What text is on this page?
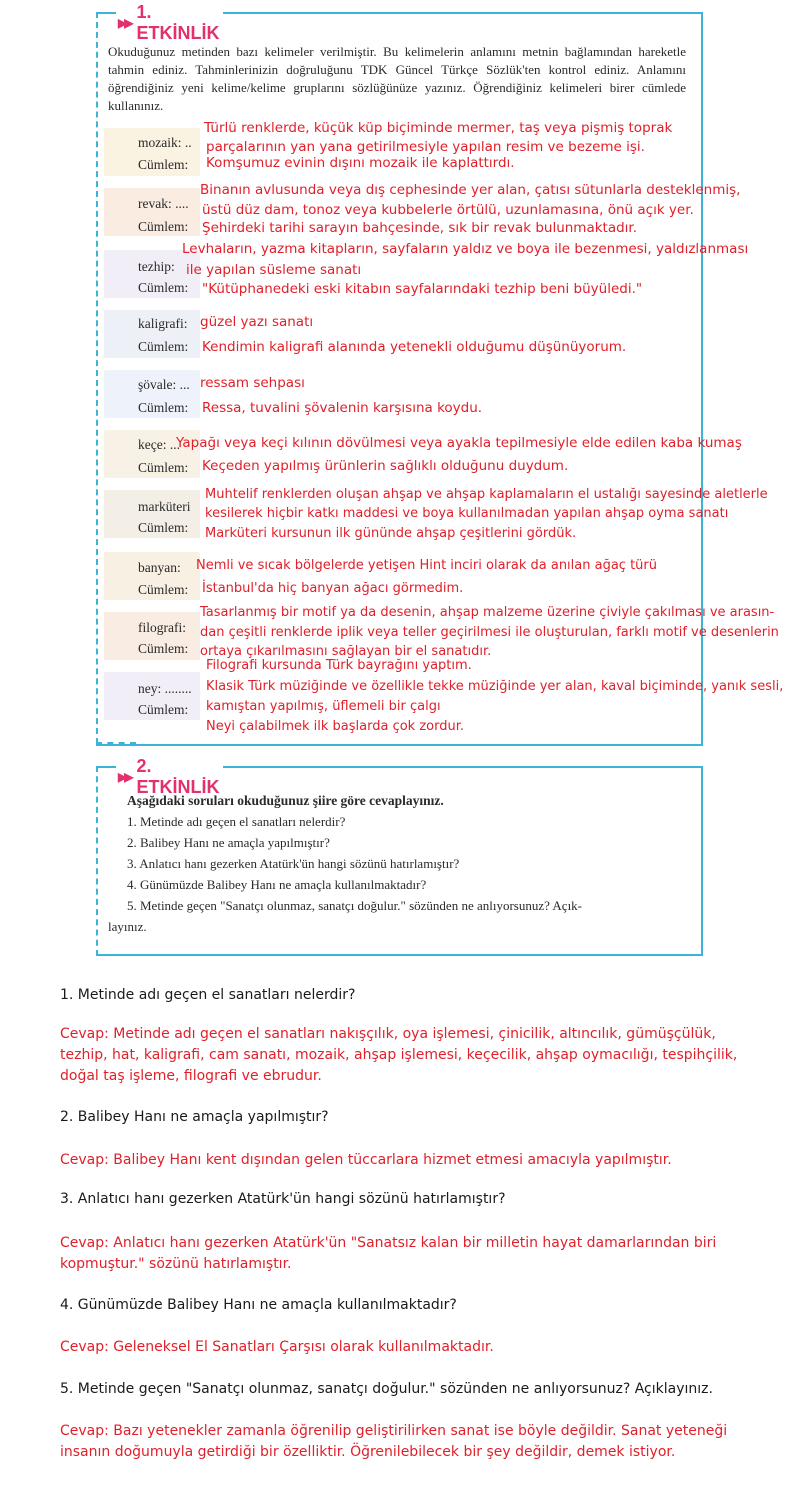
▶▶
1. ETKİNLİK
Okuduğunuz metinden bazı kelimeler verilmiştir. Bu kelimelerin anlamını metnin bağlamından hareketle tahmin ediniz. Tahminlerinizin doğruluğunu TDK Güncel Türkçe Sözlük'ten kontrol ediniz. Anlamını öğrendiğiniz yeni kelime/kelime gruplarını sözlüğünüze yazınız. Öğrendiğiniz kelimeleri birer cümlede kullanınız.
Türlü renklerde, küçük küp biçiminde mermer, taş veya pişmiş toprak
mozaik: .. parçalarının yan yana getirilmesiyle yapılan resim ve bezeme işi.
Cümlem: Komşumuz evinin dışını mozaik ile kaplattırdı.
Binanın avlusunda veya dış cephesinde yer alan, çatısı sütunlarla desteklenmiş,
revak: .... üstü düz dam, tonoz veya kubbelerle örtülü, uzunlamasına, önü açık yer.
Cümlem: Şehirdeki tarihi sarayın bahçesinde, sık bir revak bulunmaktadır.
Levhaların, yazma kitapların, sayfaların yaldız ve boya ile bezenmesi, yaldızlanması
tezhip: ile yapılan süsleme sanatı
Cümlem: "Kütüphanedeki eski kitabın sayfalarındaki tezhip beni büyüledi."
kaligrafi: güzel yazı sanatı
Cümlem: Kendimin kaligrafi alanında yetenekli olduğumu düşünüyorum.
şövale: ... ressam sehpası
Cümlem: Ressa, tuvalini şövalenin karşısına koydu.
keçe: ...
Yapağı veya keçi kılının dövülmesi veya ayakla tepilmesiyle elde edilen kaba kumaş
Cümlem: Keçeden yapılmış ürünlerin sağlıklı olduğunu duydum.
Muhtelif renklerden oluşan ahşap ve ahşap kaplamaların el ustalığı sayesinde aletlerle
marküteri kesilerek hiçbir katkı maddesi ve boya kullanılmadan yapılan ahşap oyma sanatı
Cümlem: Marküteri kursunun ilk gününde ahşap çeşitlerini gördük.
banyan: Nemli ve sıcak bölgelerde yetişen Hint inciri olarak da anılan ağaç türü
Cümlem: İstanbul'da hiç banyan ağacı görmedim.
Tasarlanmış bir motif ya da desenin, ahşap malzeme üzerine çiviyle çakılması ve arasın-
filografi: dan çeşitli renklerde iplik veya teller geçirilmesi ile oluşturulan, farklı motif ve desenlerin
Cümlem: ortaya çıkarılmasını sağlayan bir el sanatıdır.
Filografi kursunda Türk bayrağını yaptım.
ney: ........ Klasik Türk müziğinde ve özellikle tekke müziğinde yer alan, kaval biçiminde, yanık sesli,
Cümlem: kamıştan yapılmış, üflemeli bir çalgı
Neyi çalabilmek ilk başlarda çok zordur.
▶▶
2. ETKİNLİK
Aşağıdaki soruları okuduğunuz şiire göre cevaplayınız.
1. Metinde adı geçen el sanatları nelerdir?
2. Balibey Hanı ne amaçla yapılmıştır?
3. Anlatıcı hanı gezerken Atatürk'ün hangi sözünü hatırlamıştır?
4. Günümüzde Balibey Hanı ne amaçla kullanılmaktadır?
5. Metinde geçen "Sanatçı olunmaz, sanatçı doğulur." sözünden ne anlıyorsunuz? Açık-
layınız.
1. Metinde adı geçen el sanatları nelerdir?
Cevap: Metinde adı geçen el sanatları nakışçılık, oya işlemesi, çinicilik, altıncılık, gümüşçülük, tezhip, hat, kaligrafi, cam sanatı, mozaik, ahşap işlemesi, keçecilik, ahşap oymacılığı, tespihçilik, doğal taş işleme, filografi ve ebrudur.
2. Balibey Hanı ne amaçla yapılmıştır?
Cevap: Balibey Hanı kent dışından gelen tüccarlara hizmet etmesi amacıyla yapılmıştır.
3. Anlatıcı hanı gezerken Atatürk'ün hangi sözünü hatırlamıştır?
Cevap: Anlatıcı hanı gezerken Atatürk'ün "Sanatsız kalan bir milletin hayat damarlarından biri kopmuştur." sözünü hatırlamıştır.
4. Günümüzde Balibey Hanı ne amaçla kullanılmaktadır?
Cevap: Geleneksel El Sanatları Çarşısı olarak kullanılmaktadır.
5. Metinde geçen "Sanatçı olunmaz, sanatçı doğulur." sözünden ne anlıyorsunuz? Açıklayınız.
Cevap: Bazı yetenekler zamanla öğrenilip geliştirilirken sanat ise böyle değildir. Sanat yeteneği insanın doğumuyla getirdiği bir özelliktir. Öğrenilebilecek bir şey değildir, demek istiyor.
